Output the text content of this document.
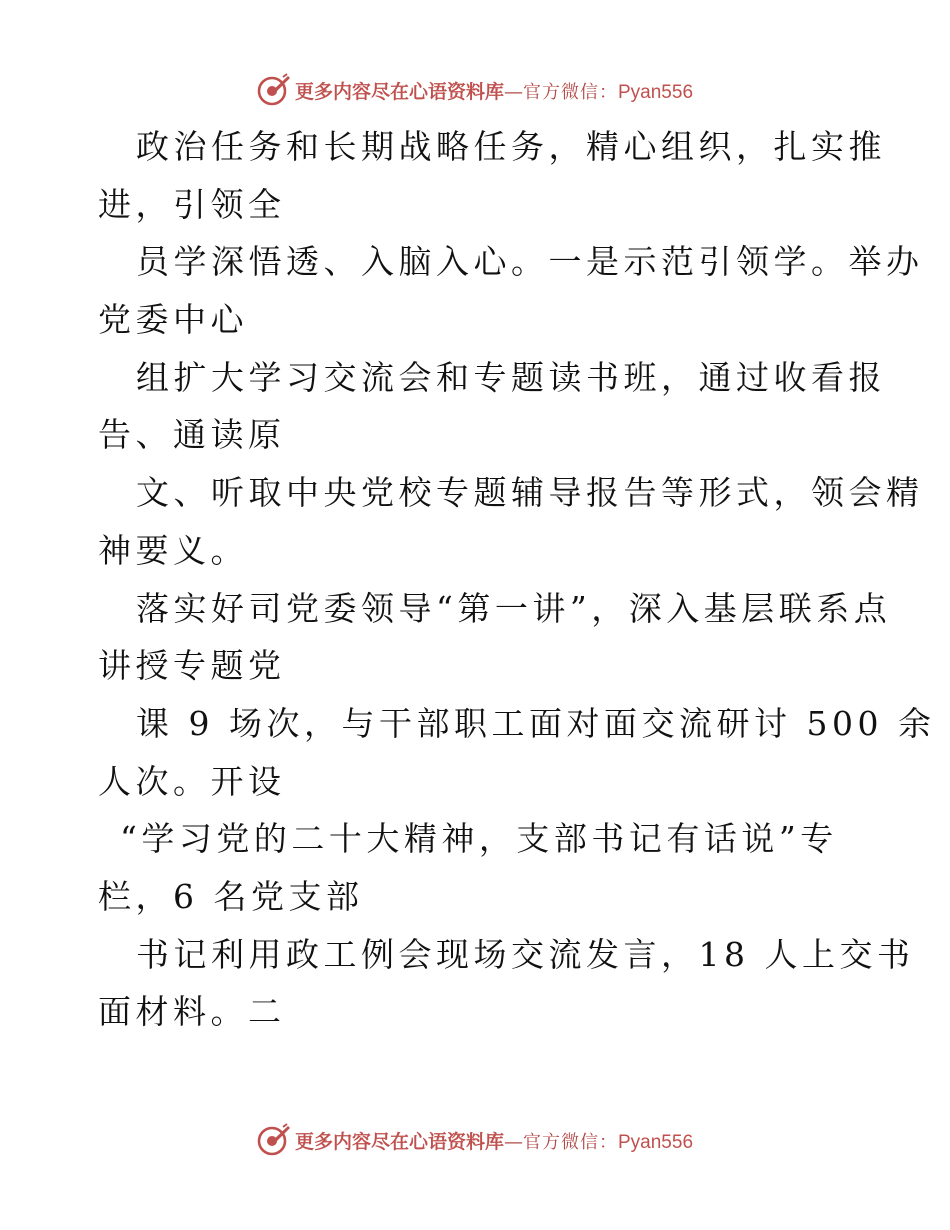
更多内容尽在心语资料库—官方微信：Pyan556
政治任务和长期战略任务，精心组织，扎实推
进，引领全
员学深悟透、入脑入心。一是示范引领学。举办
党委中心
组扩大学习交流会和专题读书班，通过收看报
告、通读原
文、听取中央党校专题辅导报告等形式，领会精
神要义。
落实好司党委领导“第一讲”，深入基层联系点
讲授专题党
课 9 场次，与干部职工面对面交流研讨 500 余
人次。开设
“学习党的二十大精神，支部书记有话说”专
栏，6 名党支部
书记利用政工例会现场交流发言，18 人上交书
面材料。二
更多内容尽在心语资料库—官方微信：Pyan556
